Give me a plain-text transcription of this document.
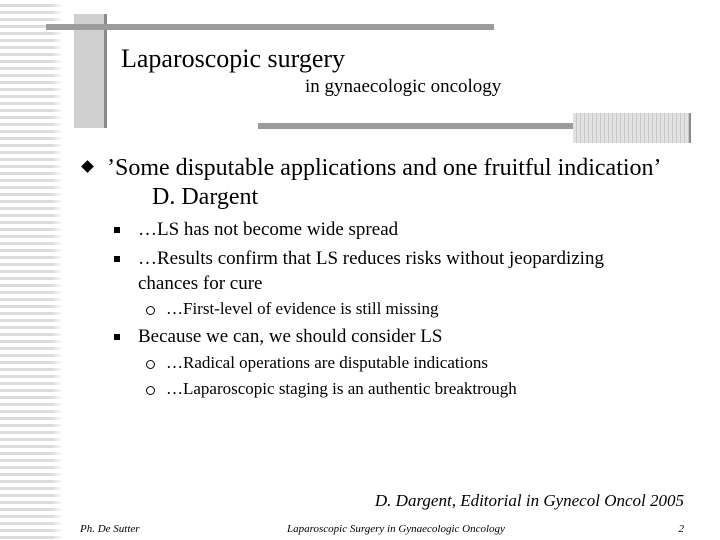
Laparoscopic surgery
in gynaecologic oncology
’Some disputable applications and one fruitful indication’
D. Dargent
…LS has not become wide spread
…Results confirm that LS reduces risks without jeopardizing
chances for cure
…First-level of evidence is still missing
Because we can, we should consider LS
…Radical operations are disputable indications
…Laparoscopic staging is an authentic breaktrough
D. Dargent, Editorial in Gynecol Oncol 2005
Ph. De Sutter	Laparoscopic Surgery in Gynaecologic Oncology	2
